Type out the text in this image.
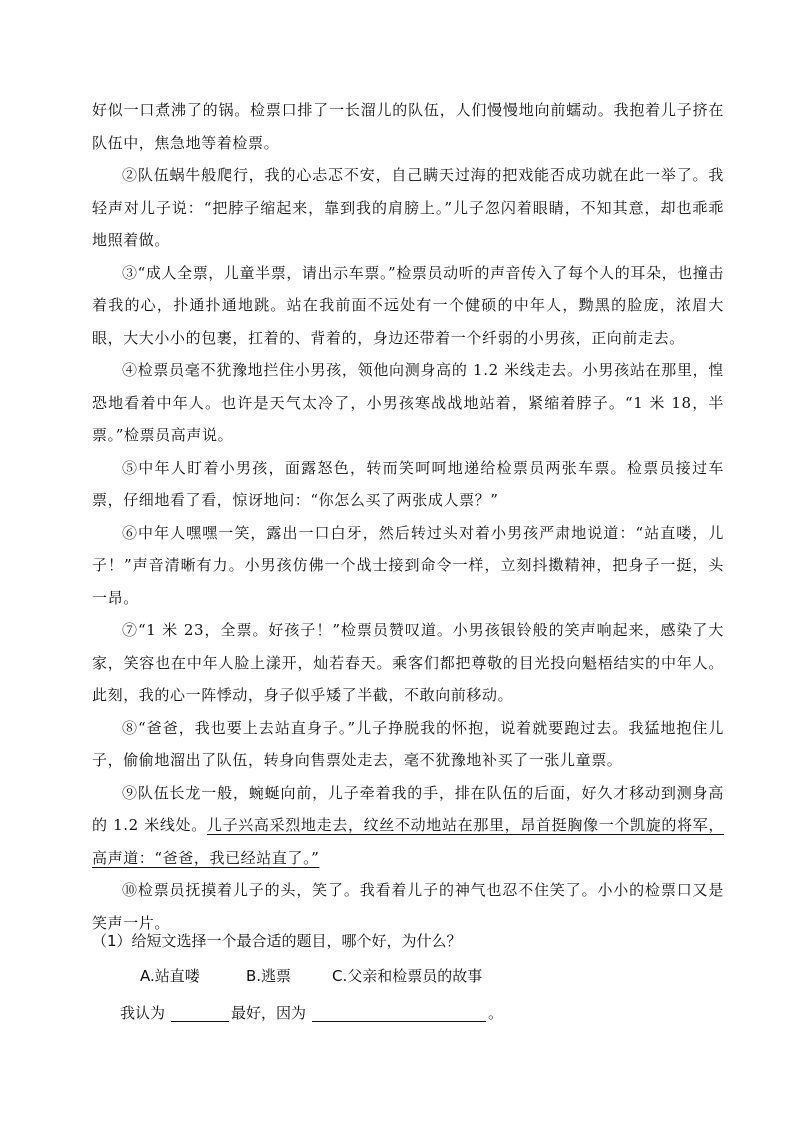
好似一口煮沸了的锅。检票口排了一长溜儿的队伍，人们慢慢地向前蠕动。我抱着儿子挤在队伍中，焦急地等着检票。

②队伍蜗牛般爬行，我的心忐忑不安，自己瞒天过海的把戏能否成功就在此一举了。我轻声对儿子说：“把脖子缩起来，靠到我的肩膀上。”儿子忽闪着眼睛，不知其意，却也乖乖地照着做。

③“成人全票，儿童半票，请出示车票。”检票员动听的声音传入了每个人的耳朵，也撞击着我的心，扑通扑通地跳。站在我前面不远处有一个健硕的中年人，黝黑的脸庞，浓眉大眼，大大小小的包裹，扛着的、背着的，身边还带着一个纤弱的小男孩，正向前走去。

④检票员毫不犹豫地拦住小男孩，领他向测身高的 1.2 米线走去。小男孩站在那里，惶恐地看着中年人。也许是天气太冷了，小男孩寒战战地站着，紧缩着脖子。“1 米 18，半票。”检票员高声说。

⑤中年人盯着小男孩，面露怒色，转而笑呵呵地递给检票员两张车票。检票员接过车票，仔细地看了看，惊讶地问：“你怎么买了两张成人票？”

⑥中年人嘿嘿一笑，露出一口白牙，然后转过头对着小男孩严肃地说道：“站直喽，儿子！”声音清晰有力。小男孩仿佛一个战士接到命令一样，立刻抖擞精神，把身子一挺，头一昂。

⑦“1 米 23，全票。好孩子！”检票员赞叹道。小男孩银铃般的笑声响起来，感染了大家，笑容也在中年人脸上漾开，灿若春天。乘客们都把尊敬的目光投向魁梧结实的中年人。此刻，我的心一阵悸动，身子似乎矮了半截，不敢向前移动。

⑧“爸爸，我也要上去站直身子。”儿子挣脱我的怀抱，说着就要跑过去。我猛地抱住儿子，偷偷地溜出了队伍，转身向售票处走去，毫不犹豫地补买了一张儿童票。

⑨队伍长龙一般，蜿蜒向前，儿子牵着我的手，排在队伍的后面，好久才移动到测身高的 1.2 米线处。儿子兴高采烈地走去，纹丝不动地站在那里，昂首挺胸像一个凯旋的将军，高声道：“爸爸，我已经站直了。”

⑩检票员抚摸着儿子的头，笑了。我看着儿子的神气也忍不住笑了。小小的检票口又是笑声一片。

（1）给短文选择一个最合适的题目，哪个好，为什么？
A.站直喽	B.逃票	C.父亲和检票员的故事
我认为	最好，因为	。
